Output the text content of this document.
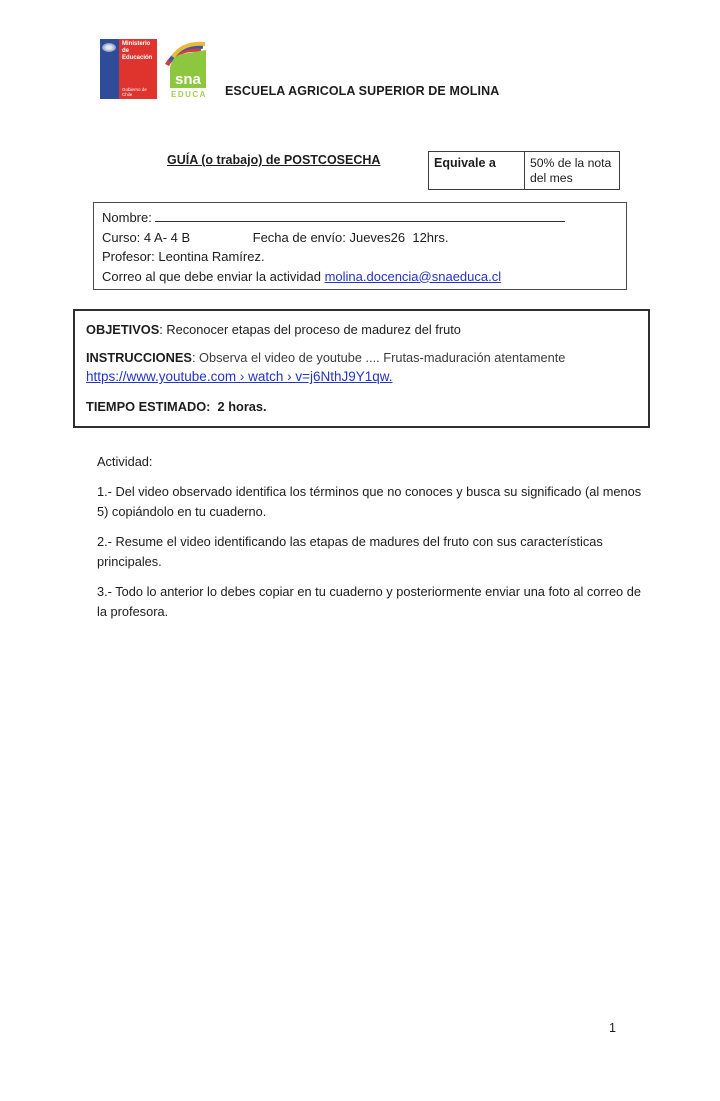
Ministerio de Educación
Gobierno de Chile
sna
EDUCA ESCUELA AGRICOLA SUPERIOR DE MOLINA
GUÍA (o trabajo) de POSTCOSECHA	Equivale a	50% de la nota del mes
Nombre:
Curso: 4 A- 4 B	Fecha de envío: Jueves26  12hrs.
Profesor: Leontina Ramírez.
Correo al que debe enviar la actividad molina.docencia@snaeduca.cl

OBJETIVOS: Reconocer etapas del proceso de madurez del fruto

INSTRUCCIONES: Observa el video de youtube .... Frutas-maduración atentamente

https://www.youtube.com › watch › v=j6NthJ9Y1qw.

TIEMPO ESTIMADO:  2 horas.

Actividad:

1.- Del video observado identifica los términos que no conoces y busca su significado (al menos 5) copiándolo en tu cuaderno.

2.- Resume el video identificando las etapas de madures del fruto con sus características principales.

3.- Todo lo anterior lo debes copiar en tu cuaderno y posteriormente enviar una foto al correo de la profesora.

1
